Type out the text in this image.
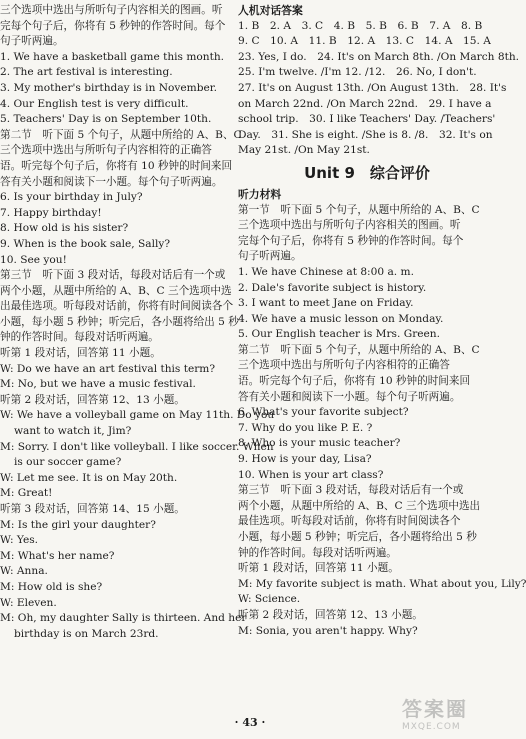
三个选项中选出与所听句子内容相关的图画。听
完每个句子后，你将有 5 秒钟的作答时间。每个
句子听两遍。
1. We have a basketball game this month.
2. The art festival is interesting.
3. My mother's birthday is in November.
4. Our English test is very difficult.
5. Teachers' Day is on September 10th.
第二节　听下面 5 个句子，从题中所给的 A、B、C
三个选项中选出与所听句子内容相符的正确答
语。听完每个句子后，你将有 10 秒钟的时间来回
答有关小题和阅读下一小题。每个句子听两遍。
6. Is your birthday in July?
7. Happy birthday!
8. How old is his sister?
9. When is the book sale, Sally?
10. See you!
第三节　听下面 3 段对话，每段对话后有一个或
两个小题，从题中所给的 A、B、C 三个选项中选
出最佳选项。听每段对话前，你将有时间阅读各个
小题，每小题 5 秒钟；听完后，各小题将给出 5 秒
钟的作答时间。每段对话听两遍。
听第 1 段对话，回答第 11 小题。
W: Do we have an art festival this term?
M: No, but we have a music festival.
听第 2 段对话，回答第 12、13 小题。
W: We have a volleyball game on May 11th. Do you
　 want to watch it, Jim?
M: Sorry. I don't like volleyball. I like soccer. When
　 is our soccer game?
W: Let me see. It is on May 20th.
M: Great!
听第 3 段对话，回答第 14、15 小题。
M: Is the girl your daughter?
W: Yes.
M: What's her name?
W: Anna.
M: How old is she?
W: Eleven.
M: Oh, my daughter Sally is thirteen. And her
　 birthday is on March 23rd.
人机对话答案
1. B　2. A　3. C　4. B　5. B　6. B　7. A　8. B
9. C　10. A　11. B　12. A　13. C　14. A　15. A
23. Yes, I do.　24. It's on March 8th. /On March 8th.
25. I'm twelve. /I'm 12. /12.　26. No, I don't.
27. It's on August 13th. /On August 13th.　28. It's
on March 22nd. /On March 22nd.　29. I have a
school trip.　30. I like Teachers' Day. /Teachers'
Day.　31. She is eight. /She is 8. /8.　32. It's on
May 21st. /On May 21st.
Unit 9　综合评价
听力材料
第一节　听下面 5 个句子，从题中所给的 A、B、C
三个选项中选出与所听句子内容相关的图画。听
完每个句子后，你将有 5 秒钟的作答时间。每个
句子听两遍。
1. We have Chinese at 8:00 a. m.
2. Dale's favorite subject is history.
3. I want to meet Jane on Friday.
4. We have a music lesson on Monday.
5. Our English teacher is Mrs. Green.
第二节　听下面 5 个句子，从题中所给的 A、B、C
三个选项中选出与所听句子内容相符的正确答
语。听完每个句子后，你将有 10 秒钟的时间来回
答有关小题和阅读下一小题。每个句子听两遍。
6. What's your favorite subject?
7. Why do you like P. E. ?
8. Who is your music teacher?
9. How is your day, Lisa?
10. When is your art class?
第三节　听下面 3 段对话，每段对话后有一个或
两个小题，从题中所给的 A、B、C 三个选项中选出
最佳选项。听每段对话前，你将有时间阅读各个
小题，每小题 5 秒钟；听完后，各小题将给出 5 秒
钟的作答时间。每段对话听两遍。
听第 1 段对话，回答第 11 小题。
M: My favorite subject is math. What about you, Lily?
W: Science.
听第 2 段对话，回答第 12、13 小题。
M: Sonia, you aren't happy. Why?
· 43 ·
答案圈
MXQE.COM
